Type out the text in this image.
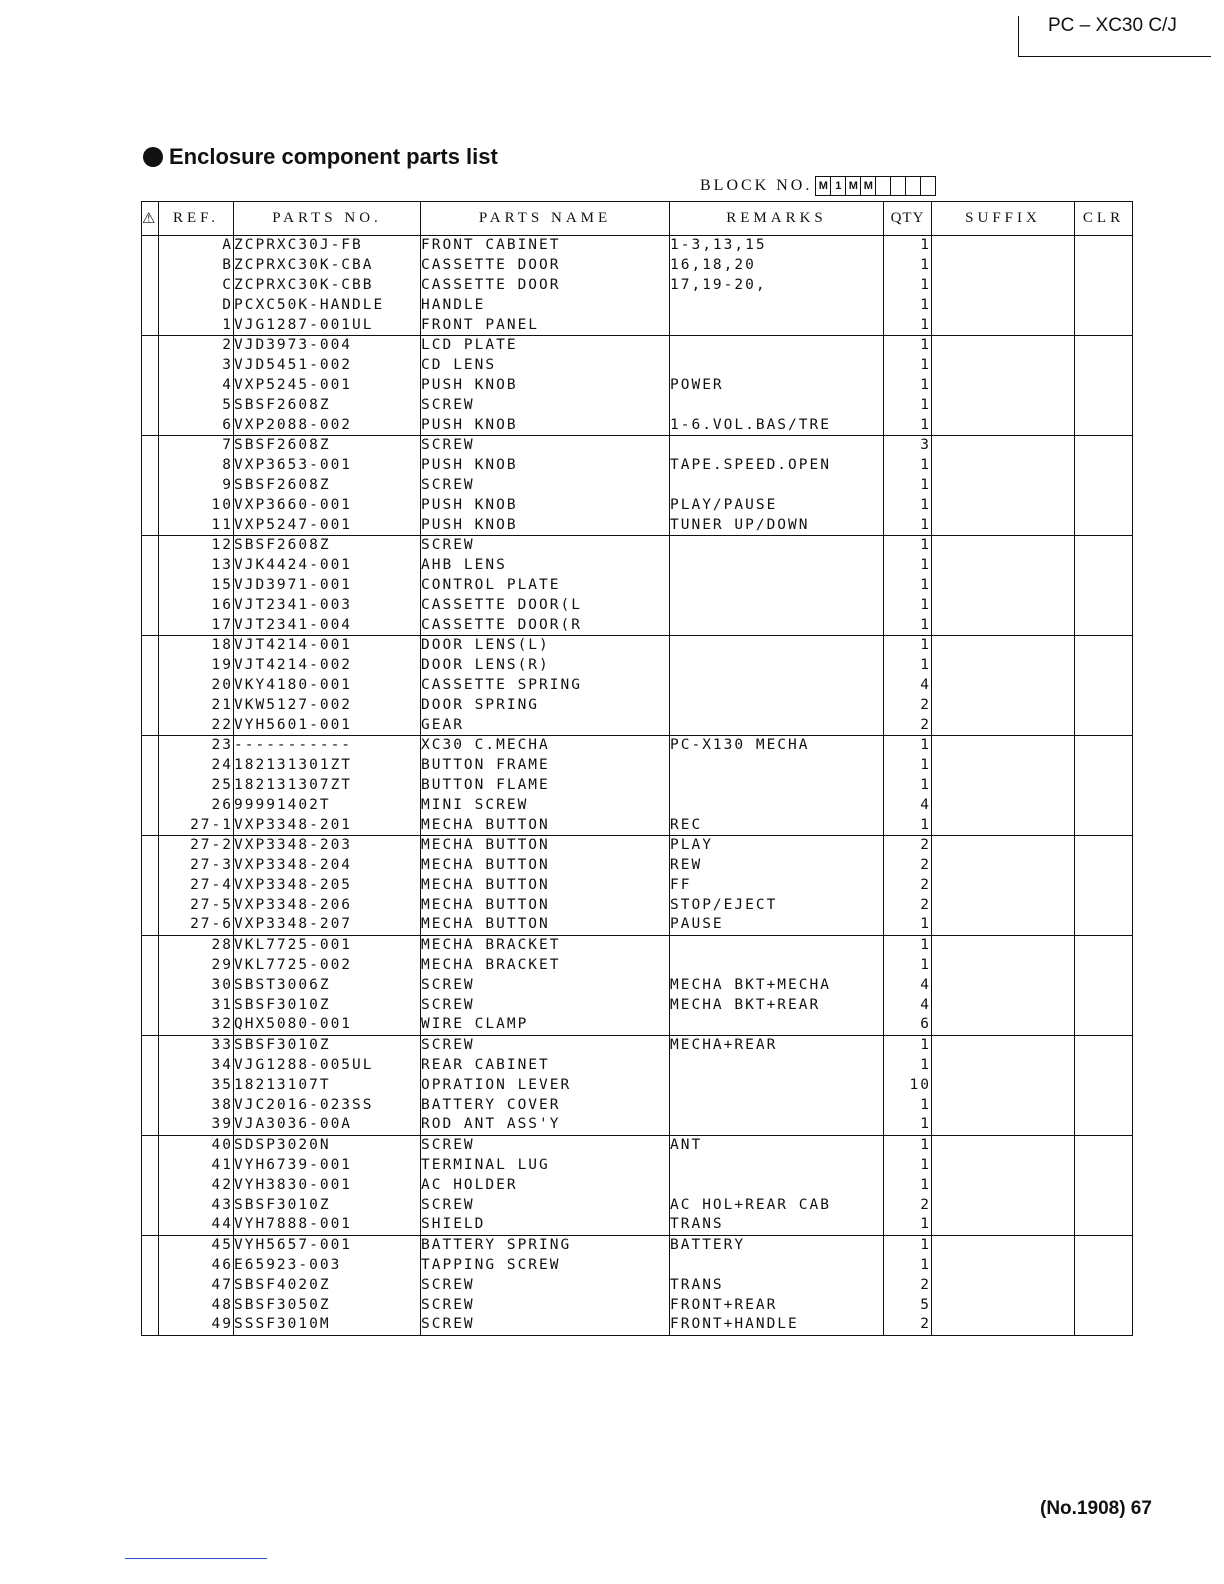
PC – XC30 C/J
Enclosure component parts list
BLOCK NO. M 1 M M
⚠	REF.	PARTS NO.	PARTS NAME	REMARKS	QTY	SUFFIX	CLR
	A	ZCPRXC30J-FB	FRONT CABINET	1-3,13,15	1		
	B	ZCPRXC30K-CBA	CASSETTE DOOR	16,18,20	1		
	C	ZCPRXC30K-CBB	CASSETTE DOOR	17,19-20,	1		
	D	PCXC50K-HANDLE	HANDLE		1		
	1	VJG1287-001UL	FRONT PANEL		1		
	2	VJD3973-004	LCD PLATE		1		
	3	VJD5451-002	CD LENS		1		
	4	VXP5245-001	PUSH KNOB	POWER	1		
	5	SBSF2608Z	SCREW		1		
	6	VXP2088-002	PUSH KNOB	1-6.VOL.BAS/TRE	1		
	7	SBSF2608Z	SCREW		3		
	8	VXP3653-001	PUSH KNOB	TAPE.SPEED.OPEN	1		
	9	SBSF2608Z	SCREW		1		
	10	VXP3660-001	PUSH KNOB	PLAY/PAUSE	1		
	11	VXP5247-001	PUSH KNOB	TUNER UP/DOWN	1		
	12	SBSF2608Z	SCREW		1		
	13	VJK4424-001	AHB LENS		1		
	15	VJD3971-001	CONTROL PLATE		1		
	16	VJT2341-003	CASSETTE DOOR(L		1		
	17	VJT2341-004	CASSETTE DOOR(R		1		
	18	VJT4214-001	DOOR LENS(L)		1		
	19	VJT4214-002	DOOR LENS(R)		1		
	20	VKY4180-001	CASSETTE SPRING		4		
	21	VKW5127-002	DOOR SPRING		2		
	22	VYH5601-001	GEAR		2		
	23	-----------	XC30 C.MECHA	PC-X130 MECHA	1		
	24	182131301ZT	BUTTON FRAME		1		
	25	182131307ZT	BUTTON FLAME		1		
	26	99991402T	MINI SCREW		4		
	27-1	VXP3348-201	MECHA BUTTON	REC	1		
	27-2	VXP3348-203	MECHA BUTTON	PLAY	2		
	27-3	VXP3348-204	MECHA BUTTON	REW	2		
	27-4	VXP3348-205	MECHA BUTTON	FF	2		
	27-5	VXP3348-206	MECHA BUTTON	STOP/EJECT	2		
	27-6	VXP3348-207	MECHA BUTTON	PAUSE	1		
	28	VKL7725-001	MECHA BRACKET		1		
	29	VKL7725-002	MECHA BRACKET		1		
	30	SBST3006Z	SCREW	MECHA BKT+MECHA	4		
	31	SBSF3010Z	SCREW	MECHA BKT+REAR	4		
	32	QHX5080-001	WIRE CLAMP		6		
	33	SBSF3010Z	SCREW	MECHA+REAR	1		
	34	VJG1288-005UL	REAR CABINET		1		
	35	18213107T	OPRATION LEVER		10		
	38	VJC2016-023SS	BATTERY COVER		1		
	39	VJA3036-00A	ROD ANT ASS'Y		1		
	40	SDSP3020N	SCREW	ANT	1		
	41	VYH6739-001	TERMINAL LUG		1		
	42	VYH3830-001	AC HOLDER		1		
	43	SBSF3010Z	SCREW	AC HOL+REAR CAB	2		
	44	VYH7888-001	SHIELD	TRANS	1		
	45	VYH5657-001	BATTERY SPRING	BATTERY	1		
	46	E65923-003	TAPPING SCREW		1		
	47	SBSF4020Z	SCREW	TRANS	2		
	48	SBSF3050Z	SCREW	FRONT+REAR	5		
	49	SSSF3010M	SCREW	FRONT+HANDLE	2		
(No.1908) 67
